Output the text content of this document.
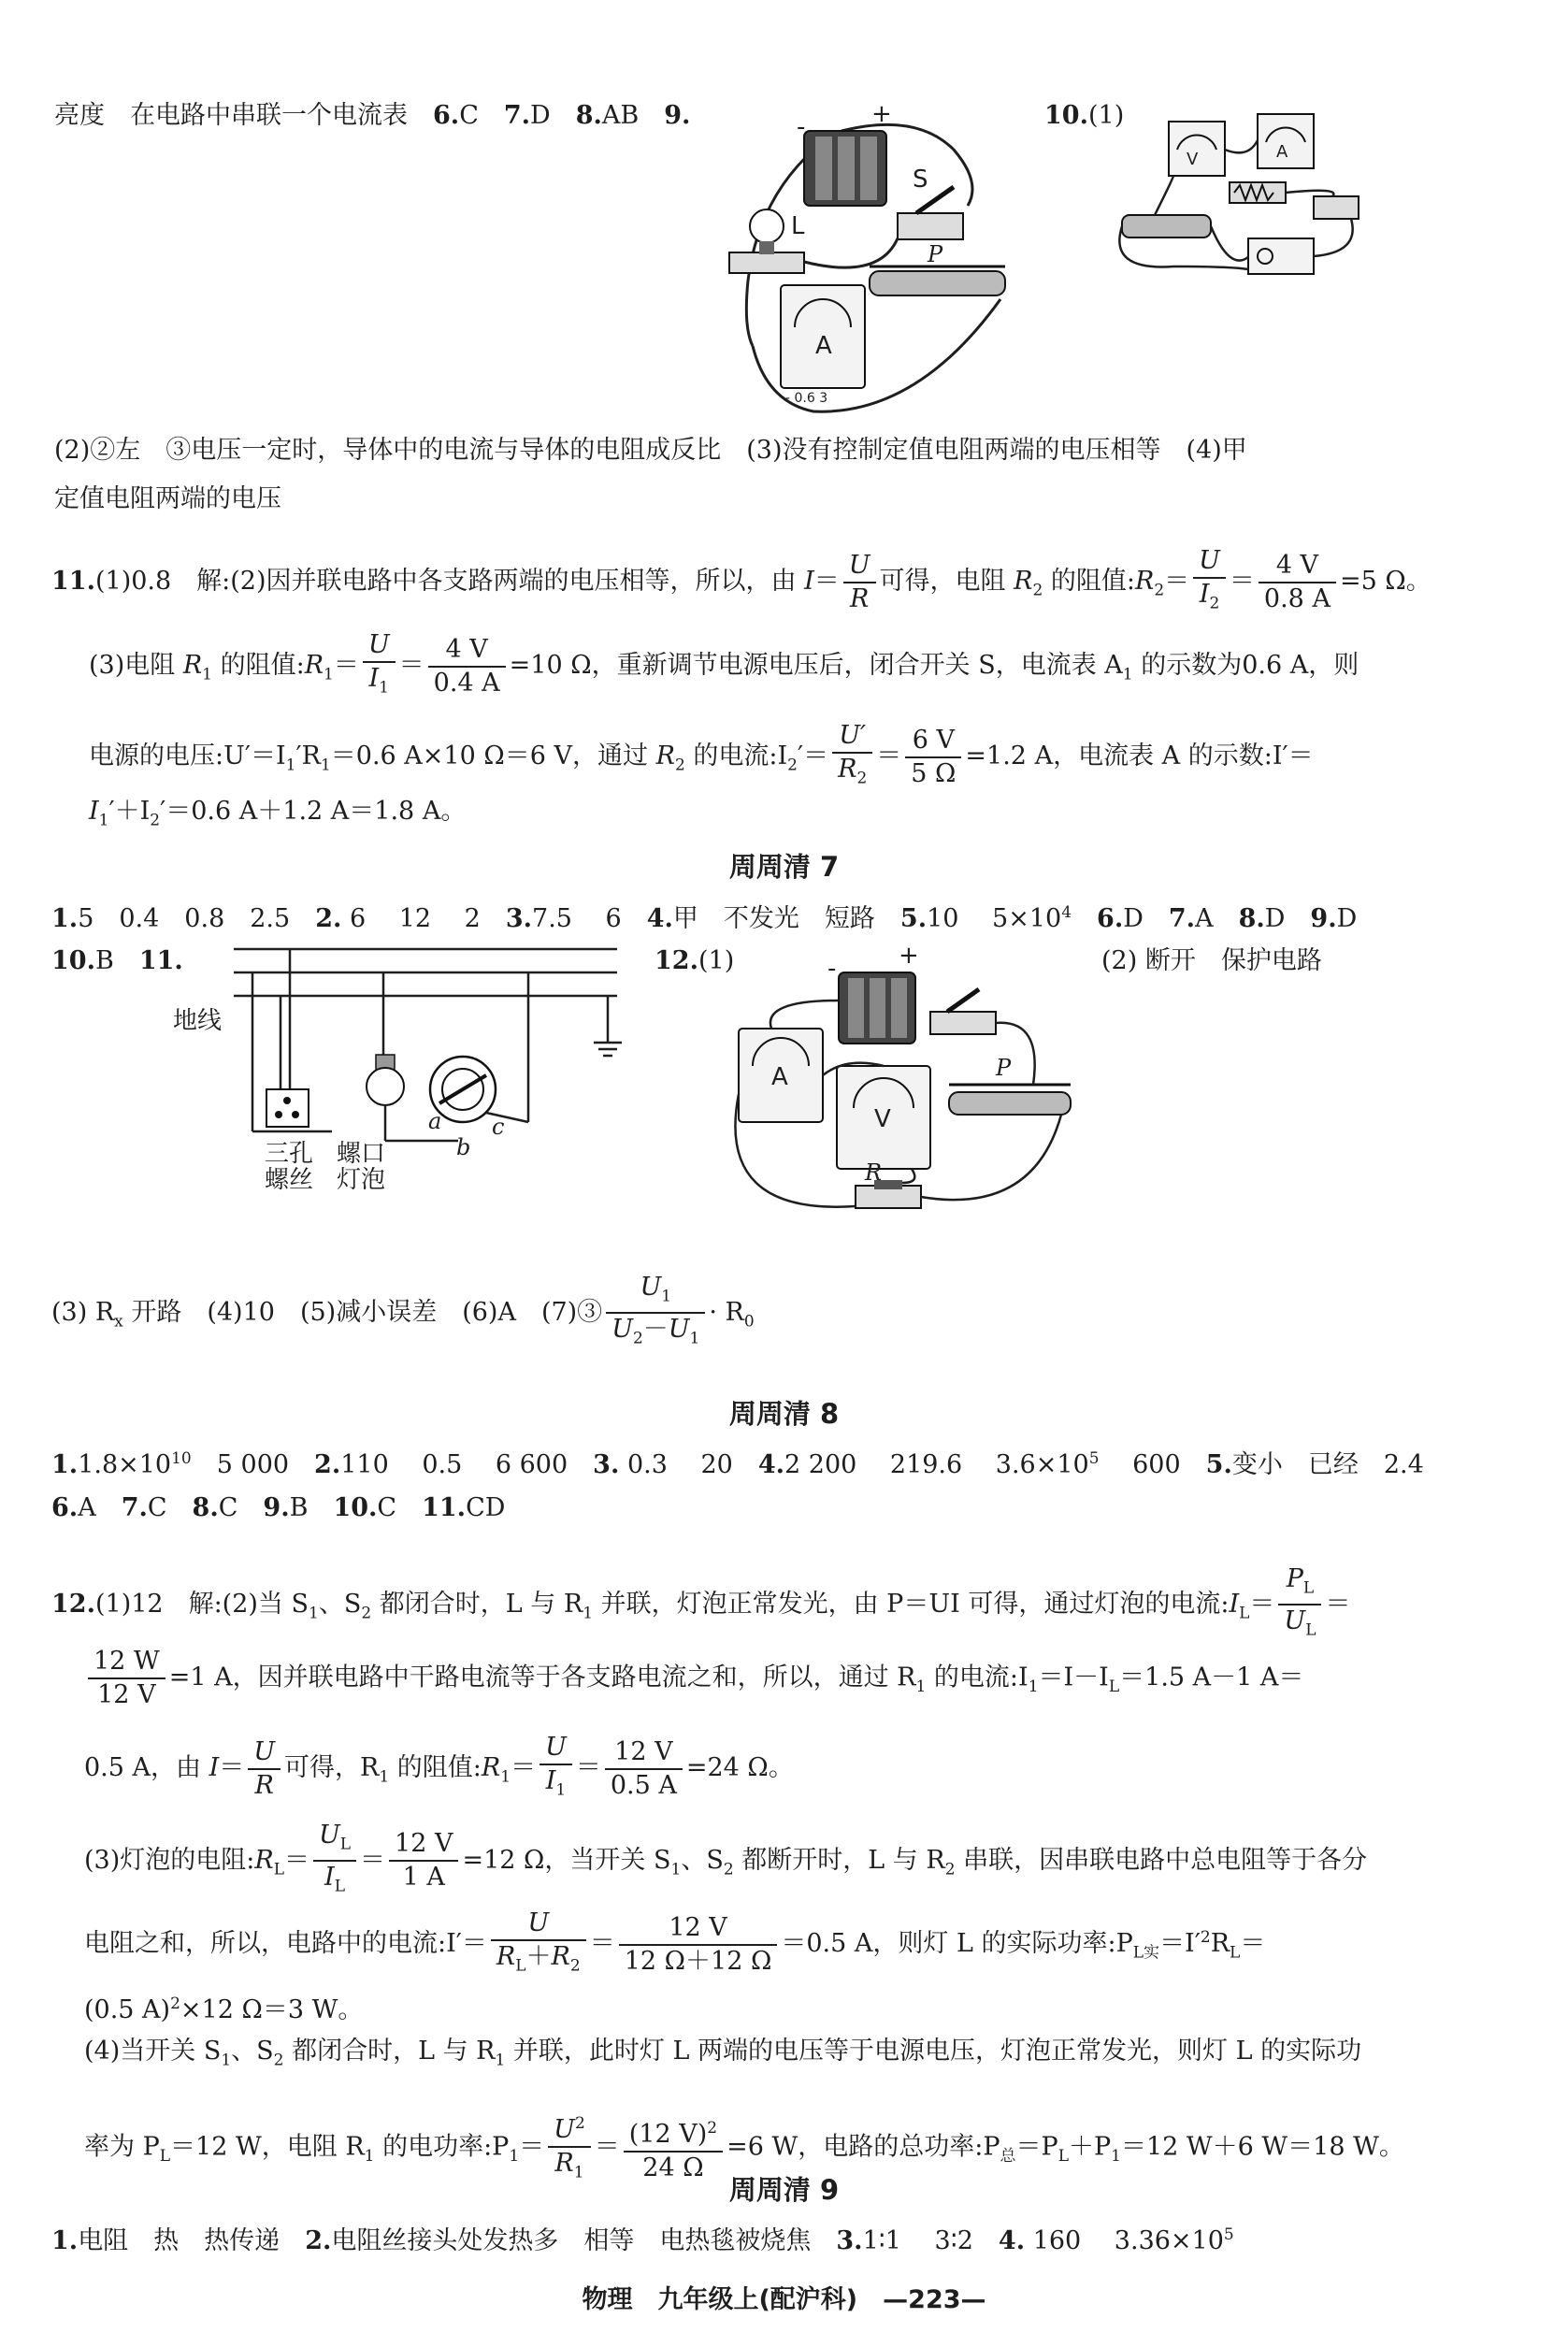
亮度　在电路中串联一个电流表　6.C　7.D　8.AB　9.	10.(1)
+
-
S
L
P
A
- 0.6 3
V	A
(2)②左　③电压一定时，导体中的电流与导体的电阻成反比　(3)没有控制定值电阻两端的电压相等　(4)甲
定值电阻两端的电压
11.(1)0.8　解:(2)因并联电路中各支路两端的电压相等，所以，由 $I= \frac{U}{R}$ 可得，电阻 $R_2$ 的阻值$:R_2= \frac{U}{I_2} = \frac{4 V}{0.8 A} =5$ Ω。
(3)电阻 $R_1$ 的阻值$:R_1= \frac{U}{I_1} = \frac{4 V}{0.4 A} =10$ Ω，重新调节电源电压后，闭合开关 S，电流表 $A_1$ 的示数为0.6 A，则
电源的电压$:U'=I_1'R_1=0.6$ A×10 Ω＝6 V，通过 $R_2$ 的电流$:I_2'= \frac{U'}{R_2} = \frac{6 V}{5 \Omega} =1.2$ A，电流表 A 的示数:I′＝
$I_1'+I_2'=0.6$ A＋1.2 A＝1.8 A。
周周清 7
1.5　0.4　0.8　2.5　2. 6　 12　 2　3.7.5　 6　4.甲　不发光　短路　5.10　 $5\times 10^4$　 6.D　7.A　8.D　9.D
10.B　11.
地线
三孔
螺丝
螺口
灯泡
a
b
c
12.(1)	(2) 断开　保护电路
+
-
A
V
P
R
(3) $R_x$ 开路　(4)10　(5)减小误差　(6)A　(7)③ $\frac{U_1}{U_2-U_1} \cdot R_0$
周周清 8
$1.1.8\times 10^{10}$　5 000　2.110　 0.5　 6 600　3. 0.3　 20　4.2 200　 219.6　 $3.6\times 10^5$　 600　5.变小　已经　2.4
6.A　7.C　8.C　9.B　10.C　11.CD
12.(1)12　解:(2)当 $S_1$、$S_2$ 都闭合时，L 与 $R_1$ 并联，灯泡正常发光，由 P＝UI 可得，通过灯泡的电流$:I_L= \frac{P_L}{U_L}$ ＝
$\frac{12 W}{12 V} =1$ A，因并联电路中干路电流等于各支路电流之和，所以，通过 $R_1$ 的电流$:I_1=I-I_L=1.5$ A－1 A＝
0.5 A，由 $I= \frac{U}{R}$ 可得，$R_1$ 的阻值$:R_1= \frac{U}{I_1} = \frac{12 V}{0.5 A} =24$ Ω。
(3)灯泡的电阻$:R_L= \frac{U_L}{I_L} = \frac{12 V}{1 A} =12$ Ω，当开关 $S_1$、$S_2$ 都断开时，L 与 $R_2$ 串联，因串联电路中总电阻等于各分
电阻之和，所以，电路中的电流:I′＝ $\frac{U}{R_L+R_2} = \frac{12 V}{12 \Omega+12 \Omega} =0.5$ A，则灯 L 的实际功率$:P_{L实}=I'^2R_L=$
(0.5 A)$^2$×12 Ω＝3 W。
(4)当开关 $S_1$、$S_2$ 都闭合时，L 与 $R_1$ 并联，此时灯 L 两端的电压等于电源电压，灯泡正常发光，则灯 L 的实际功
率为 $P_L=12$ W，电阻 $R_1$ 的电功率$:P_1= \frac{U^2}{R_1} = \frac{(12 V)^2}{24 \Omega} =6$ W，电路的总功率$:P_总=P_L+P_1=12$ W＋6 W＝18 W。
周周清 9
1.电阻　热　热传递　2.电阻丝接头处发热多　相等　电热毯被烧焦　3.1∶1　 3∶2　4. 160　 $3.36\times 10^5$
物理　九年级上(配沪科)　—223—
